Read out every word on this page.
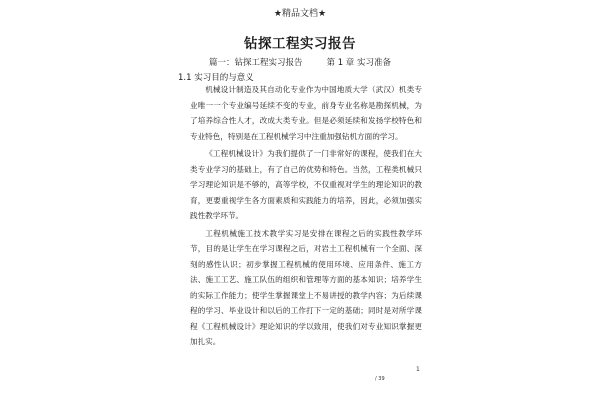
★精品文档★
钻探工程实习报告
篇一：钻探工程实习报告	第 1 章 实习准备
1.1 实习目的与意义

机械设计制造及其自动化专业作为中国地质大学（武汉）机类专业唯一一个专业编号延续不变的专业，前身专业名称是勘探机械，为了培养综合性人才，改成大类专业。但是必须延续和发扬学校特色和专业特色，特别是在工程机械学习中注重加强钻机方面的学习。

《工程机械设计》为我们提供了一门非常好的课程，使我们在大类专业学习的基础上，有了自己的优势和特色。当然，工程类机械只学习理论知识是不够的，高等学校，不仅重视对学生的理论知识的教育，更要重视学生各方面素质和实践能力的培养，因此，必须加强实践性教学环节。

工程机械施工技术教学实习是安排在课程之后的实践性教学环节，目的是让学生在学习课程之后，对岩土工程机械有一个全面、深刻的感性认识；初步掌握工程机械的使用环境、应用条件、施工方法、施工工艺、施工队伍的组织和管理等方面的基本知识；培养学生的实际工作能力；使学生掌握课堂上不易讲授的教学内容；为后续课程的学习、毕业设计和以后的工作打下一定的基础；同时是对所学课程《工程机械设计》理论知识的学以致用，使我们对专业知识掌握更加扎实。

1
/ 39
